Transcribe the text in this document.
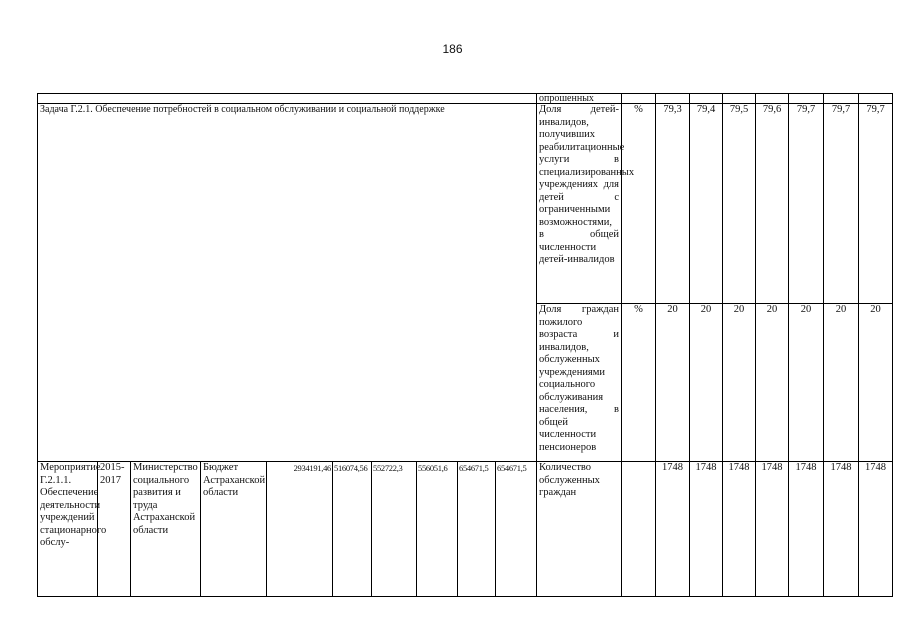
186
										опрошенных								
Задача Г.2.1. Обеспечение потребностей в социальном обслуживании и социальной поддержке										Доля детей-инвалидов, получивших реабилитационные услуги в специализированных учреждениях для детей с ограниченными возможностями, в общей численности детей-инвалидов	%	79,3	79,4	79,5	79,6	79,7	79,7	79,7
										Доля граждан пожилого возраста и инвалидов, обслуженных учреждениями социального обслуживания населения, в общей численности пенсионеров	%	20	20	20	20	20	20	20
Мероприятие Г.2.1.1. Обеспечение деятельности учреждений стационарного обслу-	2015-2017	Министерство социального развития и труда Астраханской области	Бюджет Астраханской области	2934191,46	516074,56	552722,3	556051,6	654671,5	654671,5	Количество обслуженных граждан		1748	1748	1748	1748	1748	1748	1748
